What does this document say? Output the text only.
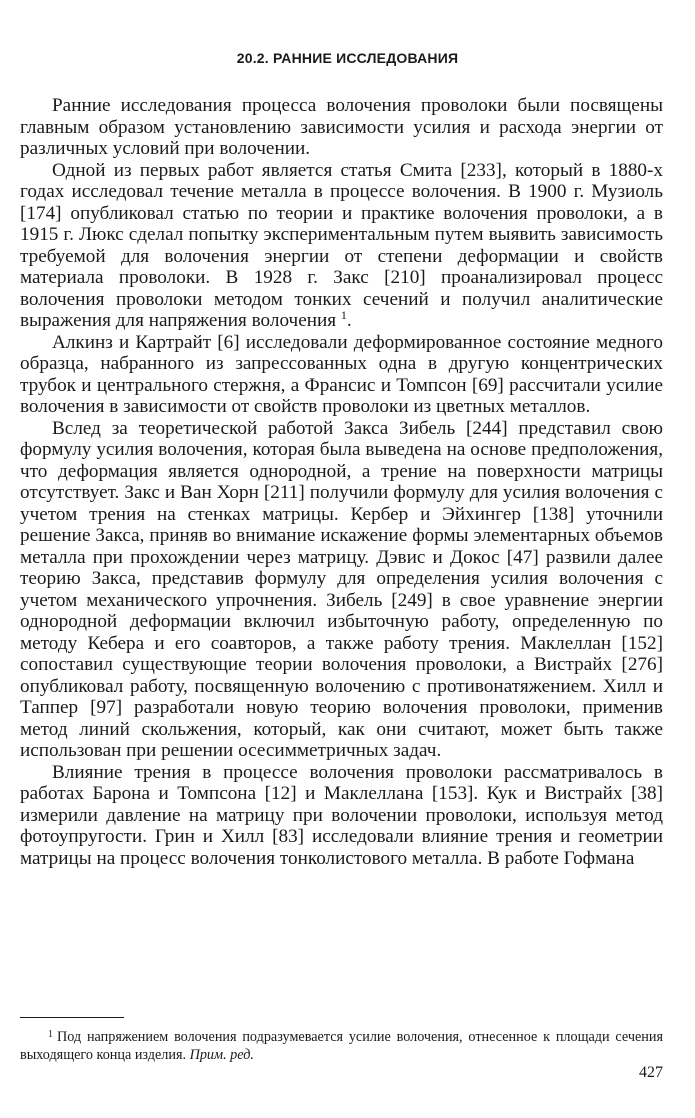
20.2. РАННИЕ ИССЛЕДОВАНИЯ

Ранние исследования процесса волочения проволоки были посвящены главным образом установлению зависимости усилия и расхода энергии от различных условий при волочении.

Одной из первых работ является статья Смита [233], который в 1880-х годах исследовал течение металла в процессе волочения. В 1900 г. Музиоль [174] опубликовал статью по теории и практике волочения проволоки, а в 1915 г. Люкс сделал попытку экспериментальным путем выявить зависимость требуемой для волочения энергии от степени деформации и свойств материала проволоки. В 1928 г. Закс [210] проанализировал процесс волочения проволоки методом тонких сечений и получил аналитические выражения для напряжения волочения $^1$.

Алкинз и Картрайт [6] исследовали деформированное состояние медного образца, набранного из запрессованных одна в другую концентрических трубок и центрального стержня, а Франсис и Томпсон [69] рассчитали усилие волочения в зависимости от свойств проволоки из цветных металлов.

Вслед за теоретической работой Закса Зибель [244] представил свою формулу усилия волочения, которая была выведена на основе предположения, что деформация является однородной, а трение на поверхности матрицы отсутствует. Закс и Ван Хорн [211] получили формулу для усилия волочения с учетом трения на стенках матрицы. Кербер и Эйхингер [138] уточнили решение Закса, приняв во внимание искажение формы элементарных объемов металла при прохождении через матрицу. Дэвис и Докос [47] развили далее теорию Закса, представив формулу для определения усилия волочения с учетом механического упрочнения. Зибель [249] в свое уравнение энергии однородной деформации включил избыточную работу, определенную по методу Кебера и его соавторов, а также работу трения. Маклеллан [152] сопоставил существующие теории волочения проволоки, а Вистрайх [276] опубликовал работу, посвященную волочению с противонатяжением. Хилл и Таппер [97] разработали новую теорию волочения проволоки, применив метод линий скольжения, который, как они считают, может быть также использован при решении осесимметричных задач.

Влияние трения в процессе волочения проволоки рассматривалось в работах Барона и Томпсона [12] и Маклеллана [153]. Кук и Вистрайх [38] измерили давление на матрицу при волочении проволоки, используя метод фотоупругости. Грин и Хилл [83] исследовали влияние трения и геометрии матрицы на процесс волочения тонколистового металла. В работе Гофмана

$^1$ Под напряжением волочения подразумевается усилие волочения, отнесенное к площади сечения выходящего конца изделия. Прим. ред.
427
